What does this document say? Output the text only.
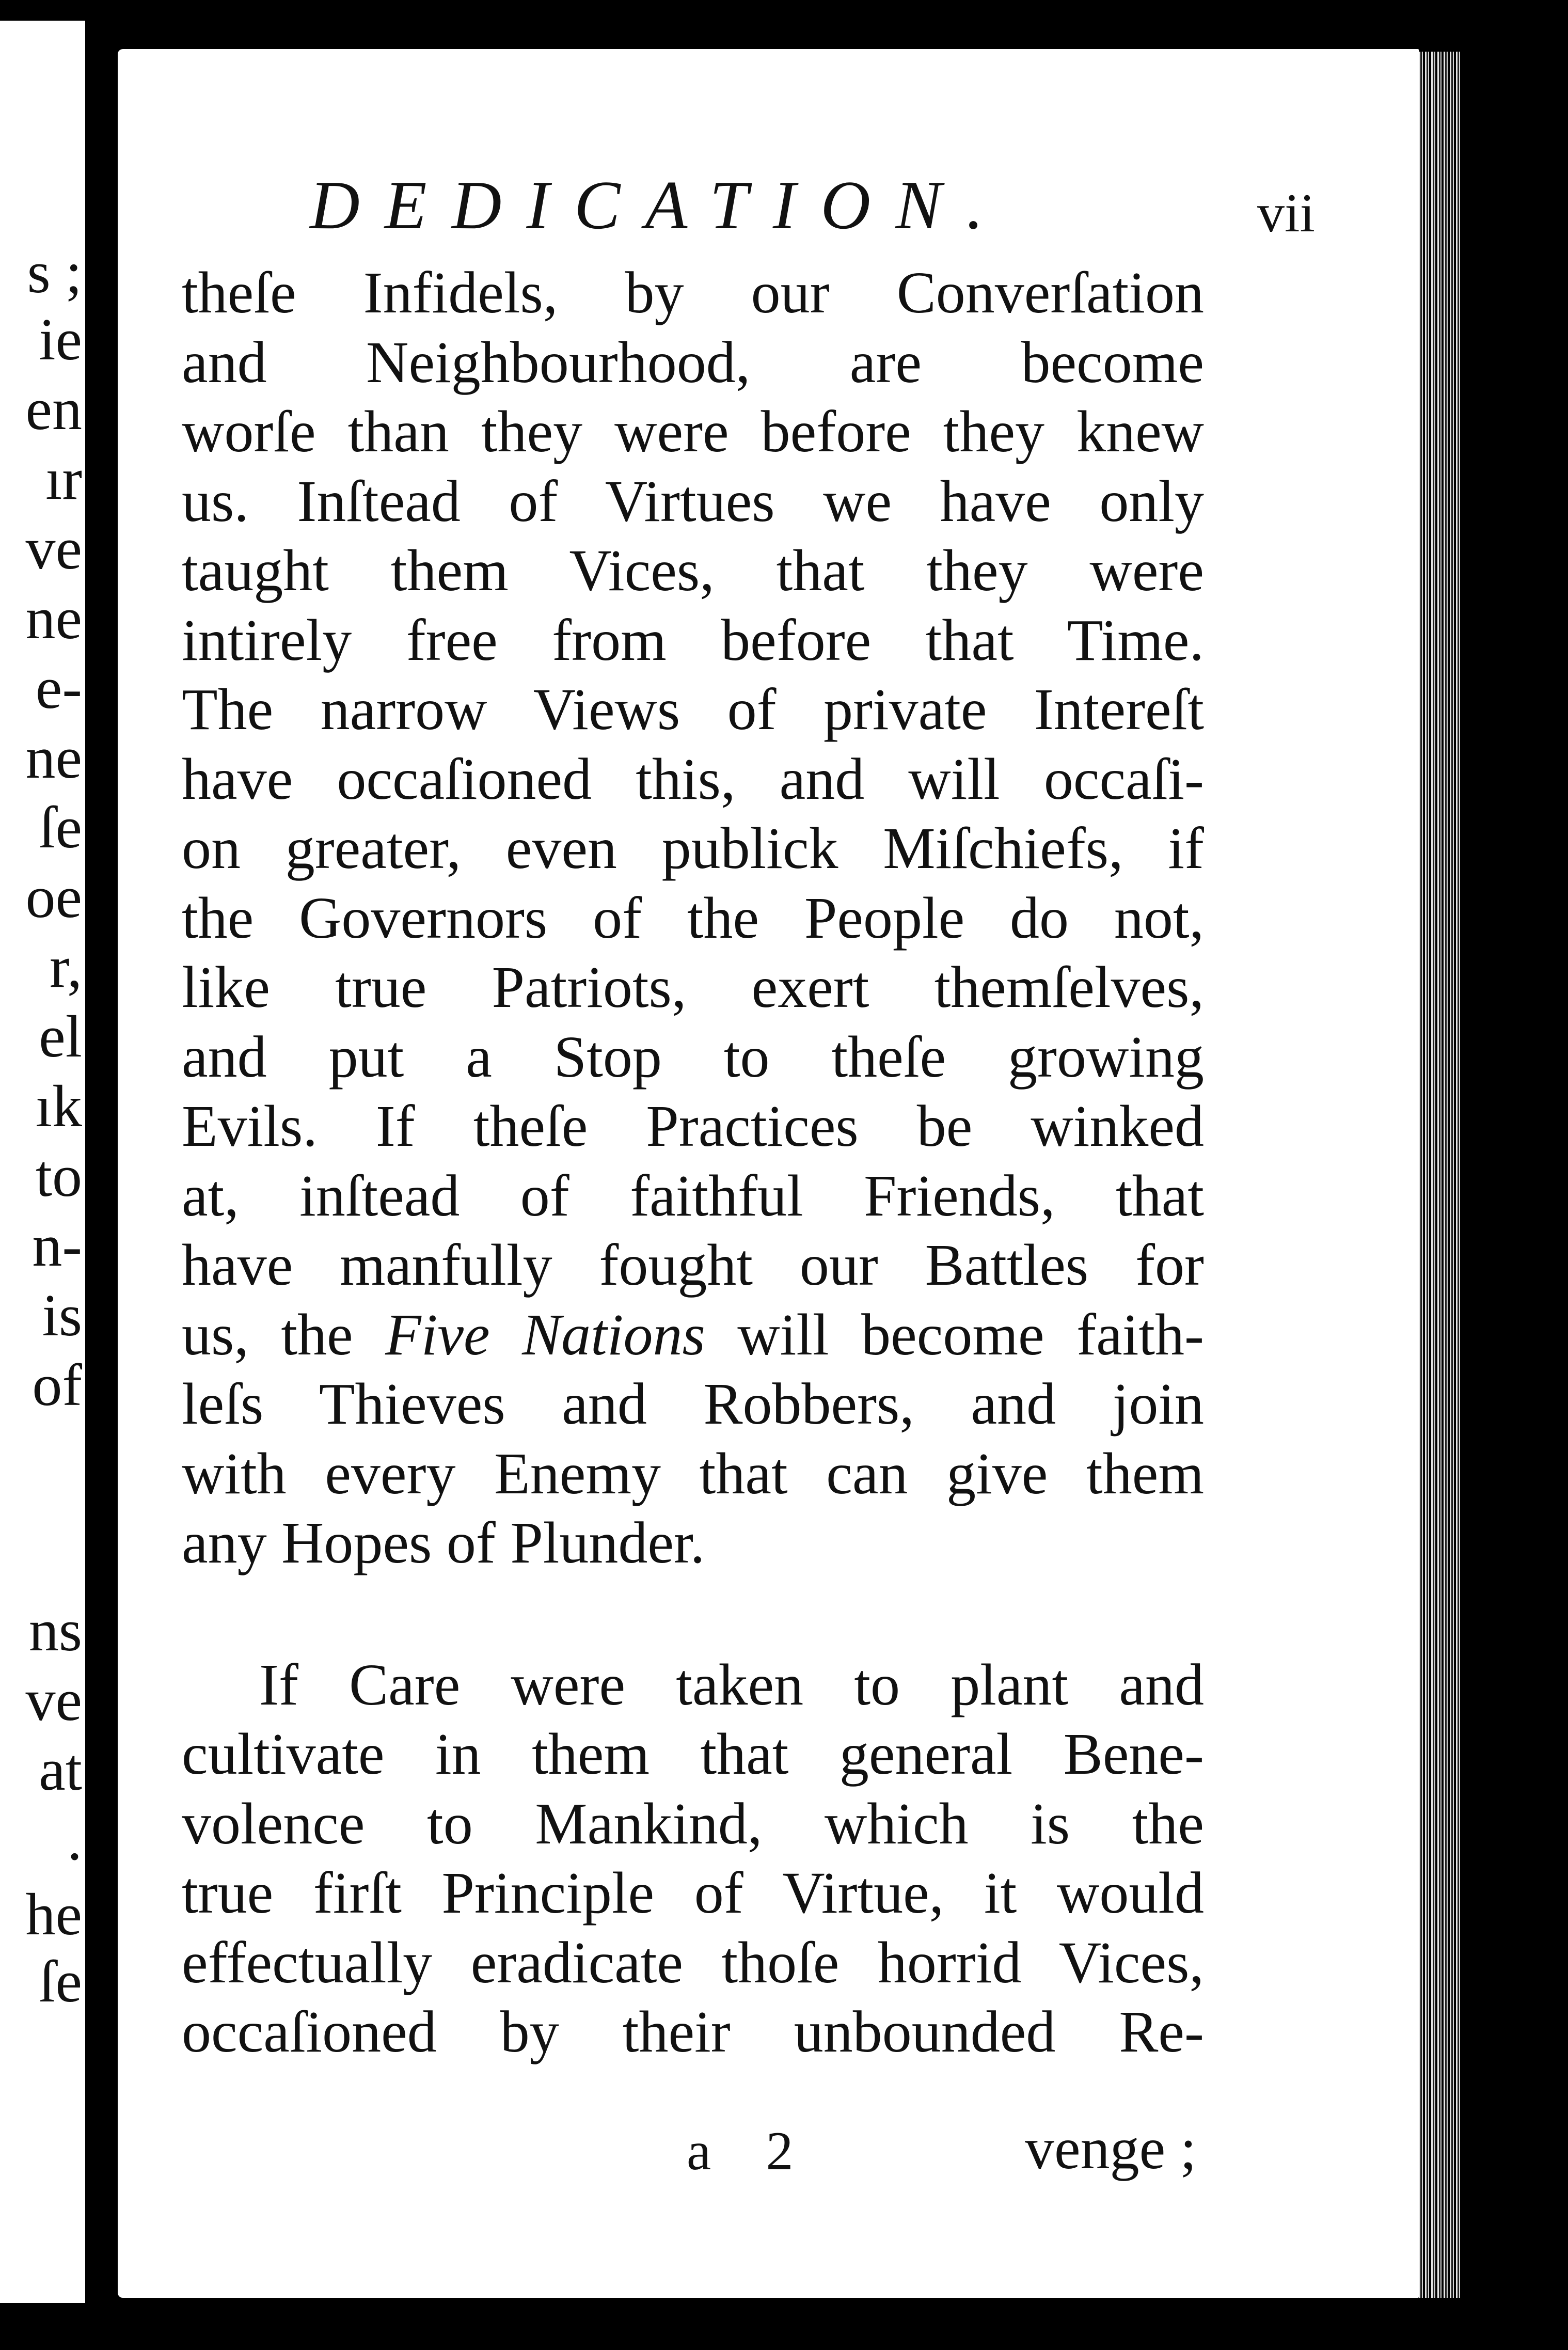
s ;
ie
en
ır
ve
ne
e-
ne
ſe
oe
r,
el
ık
to
n-
is
of
ns
ve
at
.
he
ſe
DEDICATION.	vii
theſe Infidels, by our Converſation
and Neighbourhood, are become
worſe than they were before they knew
us. Inſtead of Virtues we have only
taught them Vices, that they were
intirely free from before that Time.
The narrow Views of private Intereſt
have occaſioned this, and will occaſi-
on greater, even publick Miſchiefs, if
the Governors of the People do not,
like true Patriots, exert themſelves,
and put a Stop to theſe growing
Evils. If theſe Practices be winked
at, inſtead of faithful Friends, that
have manfully fought our Battles for
us, the Five Nations will become faith-
leſs Thieves and Robbers, and join
with every Enemy that can give them
any Hopes of Plunder.
If Care were taken to plant and
cultivate in them that general Bene-
volence to Mankind, which is the
true firſt Principle of Virtue, it would
effectually eradicate thoſe horrid Vices,
occaſioned by their unbounded Re-
a 2	venge ;
